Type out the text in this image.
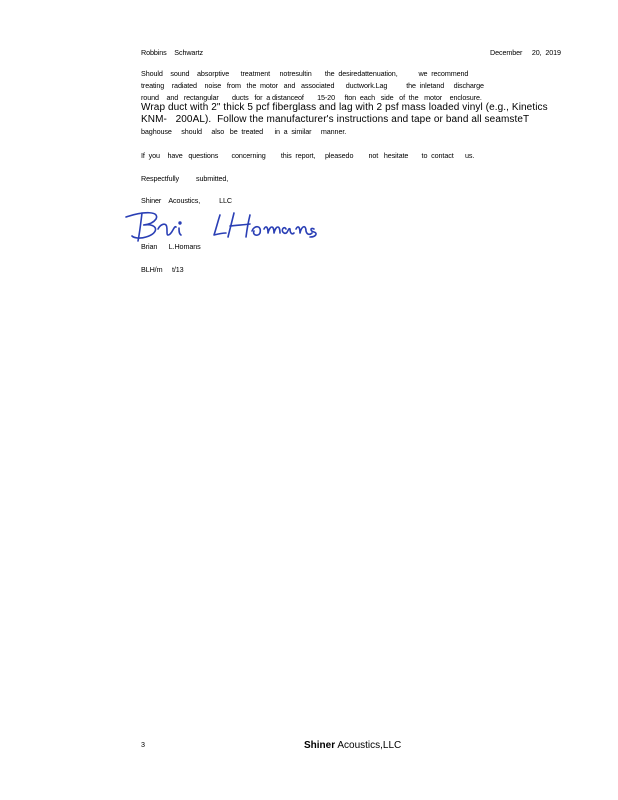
Robbins    Schwartz	December     20,  2019
Should    sound    absorptive      treatment     notresultin       the  desiredattenuation,           we  recommend
treating    radiated    noise   from   the  motor   and   associated      ductwork.Lag          the  inletand     discharge
round    and   rectangular       ducts   for  a distanceof       15-20     fton  each   side   of  the   motor    enclosure.
Wrap duct with 2" thick 5 pcf fiberglass and lag with 2 psf mass loaded vinyl (e.g., Kinetics
KNM-   200AL).  Follow the manufacturer's instructions and tape or band all seamsteT
baghouse     should     also   be  treated      in  a  similar     manner.
If  you    have   questions       concerning        this  report,     pleasedo        not   hesitate       to  contact      us.
Respectfully         submitted,
Shiner    Acoustics,          LLC
Brian      L.Homans
BLH/m     t/13
3	Shiner Acoustics,LLC
